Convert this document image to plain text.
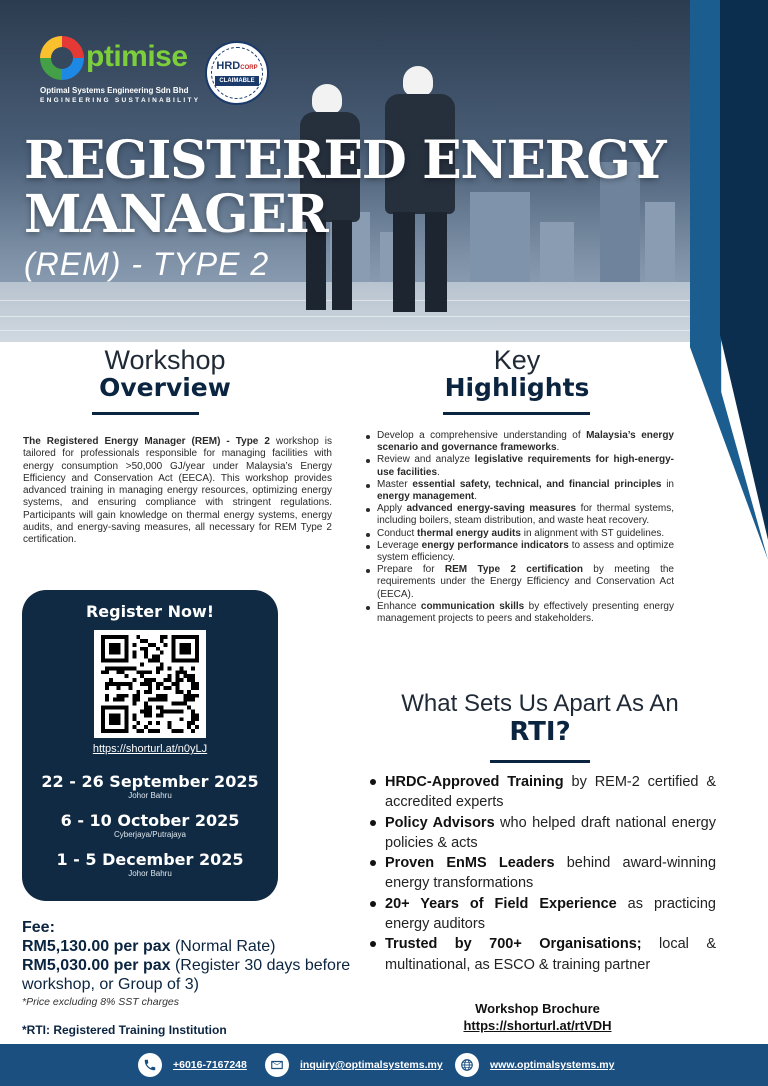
ptimise
Optimal Systems Engineering Sdn Bhd
ENGINEERING SUSTAINABILITY
HRDCORP
CLAIMABLE
REGISTERED ENERGY
MANAGER
(REM) - TYPE 2
Workshop
Overview
The Registered Energy Manager (REM) - Type 2 workshop is tailored for professionals responsible for managing facilities with energy consumption >50,000 GJ/year under Malaysia’s Energy Efficiency and Conservation Act (EECA). This workshop provides advanced training in managing energy resources, optimizing energy systems, and ensuring compliance with stringent regulations. Participants will gain knowledge on thermal energy systems, energy audits, and energy-saving measures, all necessary for REM Type 2 certification.
Key
Highlights
Develop a comprehensive understanding of Malaysia’s energy scenario and governance frameworks.
Review and analyze legislative requirements for high-energy-use facilities.
Master essential safety, technical, and financial principles in energy management.
Apply advanced energy-saving measures for thermal systems, including boilers, steam distribution, and waste heat recovery.
Conduct thermal energy audits in alignment with ST guidelines.
Leverage energy performance indicators to assess and optimize system efficiency.
Prepare for REM Type 2 certification by meeting the requirements under the Energy Efficiency and Conservation Act (EECA).
Enhance communication skills by effectively presenting energy management projects to peers and stakeholders.
Register Now!
https://shorturl.at/n0yLJ
22 - 26 September 2025
Johor Bahru
6 - 10 October 2025
Cyberjaya/Putrajaya
1 - 5 December 2025
Johor Bahru
Fee:
RM5,130.00 per pax (Normal Rate)
RM5,030.00 per pax (Register 30 days before workshop, or Group of 3)
*Price excluding 8% SST charges
*RTI: Registered Training Institution
What Sets Us Apart As An
RTI?
HRDC-Approved Training by REM-2 certified & accredited experts
Policy Advisors who helped draft national energy policies & acts
Proven EnMS Leaders behind award-winning energy transformations
20+ Years of Field Experience as practicing energy auditors
Trusted by 700+ Organisations; local & multinational, as ESCO & training partner
Workshop Brochure
https://shorturl.at/rtVDH
+6016-7167248	inquiry@optimalsystems.my	www.optimalsystems.my
